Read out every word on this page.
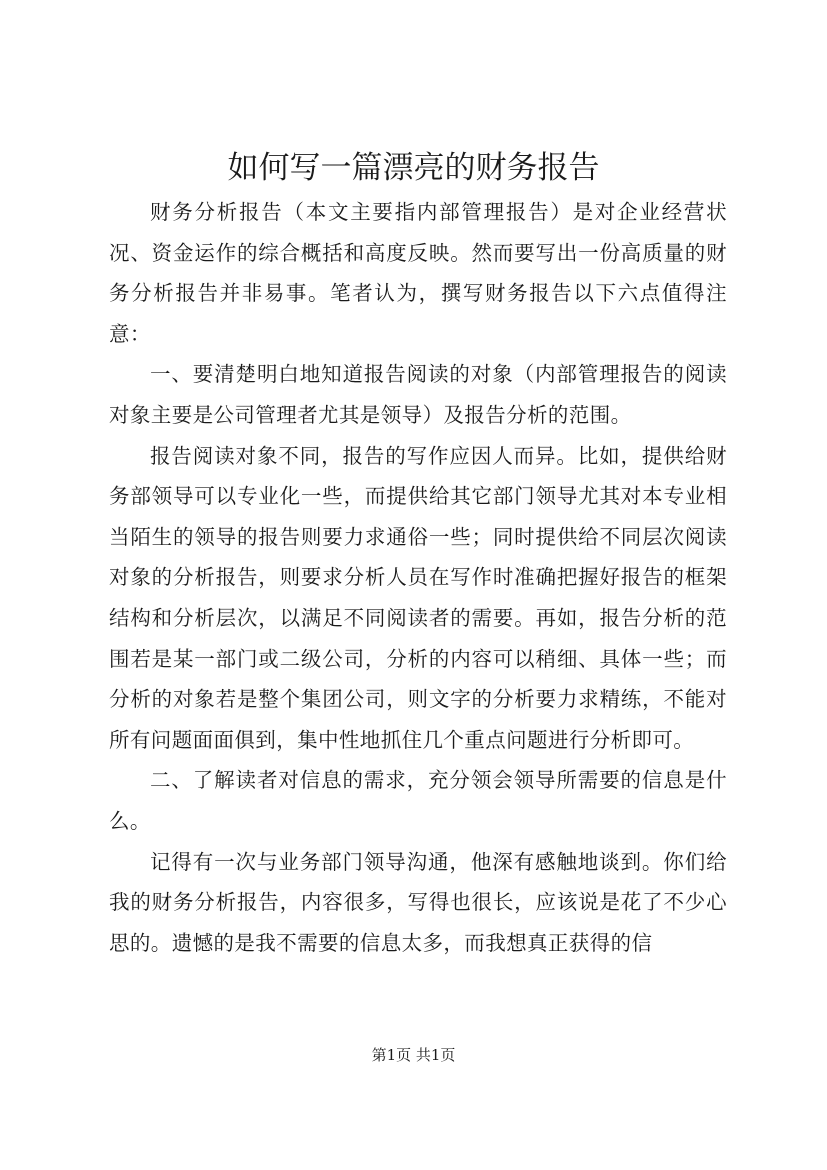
如何写一篇漂亮的财务报告

财务分析报告（本文主要指内部管理报告）是对企业经营状况、资金运作的综合概括和高度反映。然而要写出一份高质量的财务分析报告并非易事。笔者认为，撰写财务报告以下六点值得注意：

一、要清楚明白地知道报告阅读的对象（内部管理报告的阅读对象主要是公司管理者尤其是领导）及报告分析的范围。

报告阅读对象不同，报告的写作应因人而异。比如，提供给财务部领导可以专业化一些，而提供给其它部门领导尤其对本专业相当陌生的领导的报告则要力求通俗一些；同时提供给不同层次阅读对象的分析报告，则要求分析人员在写作时准确把握好报告的框架结构和分析层次，以满足不同阅读者的需要。再如，报告分析的范围若是某一部门或二级公司，分析的内容可以稍细、具体一些；而分析的对象若是整个集团公司，则文字的分析要力求精练，不能对所有问题面面俱到，集中性地抓住几个重点问题进行分析即可。

二、了解读者对信息的需求，充分领会领导所需要的信息是什么。

记得有一次与业务部门领导沟通，他深有感触地谈到。你们给我的财务分析报告，内容很多，写得也很长，应该说是花了不少心思的。遗憾的是我不需要的信息太多，而我想真正获得的信

第1页 共1页
